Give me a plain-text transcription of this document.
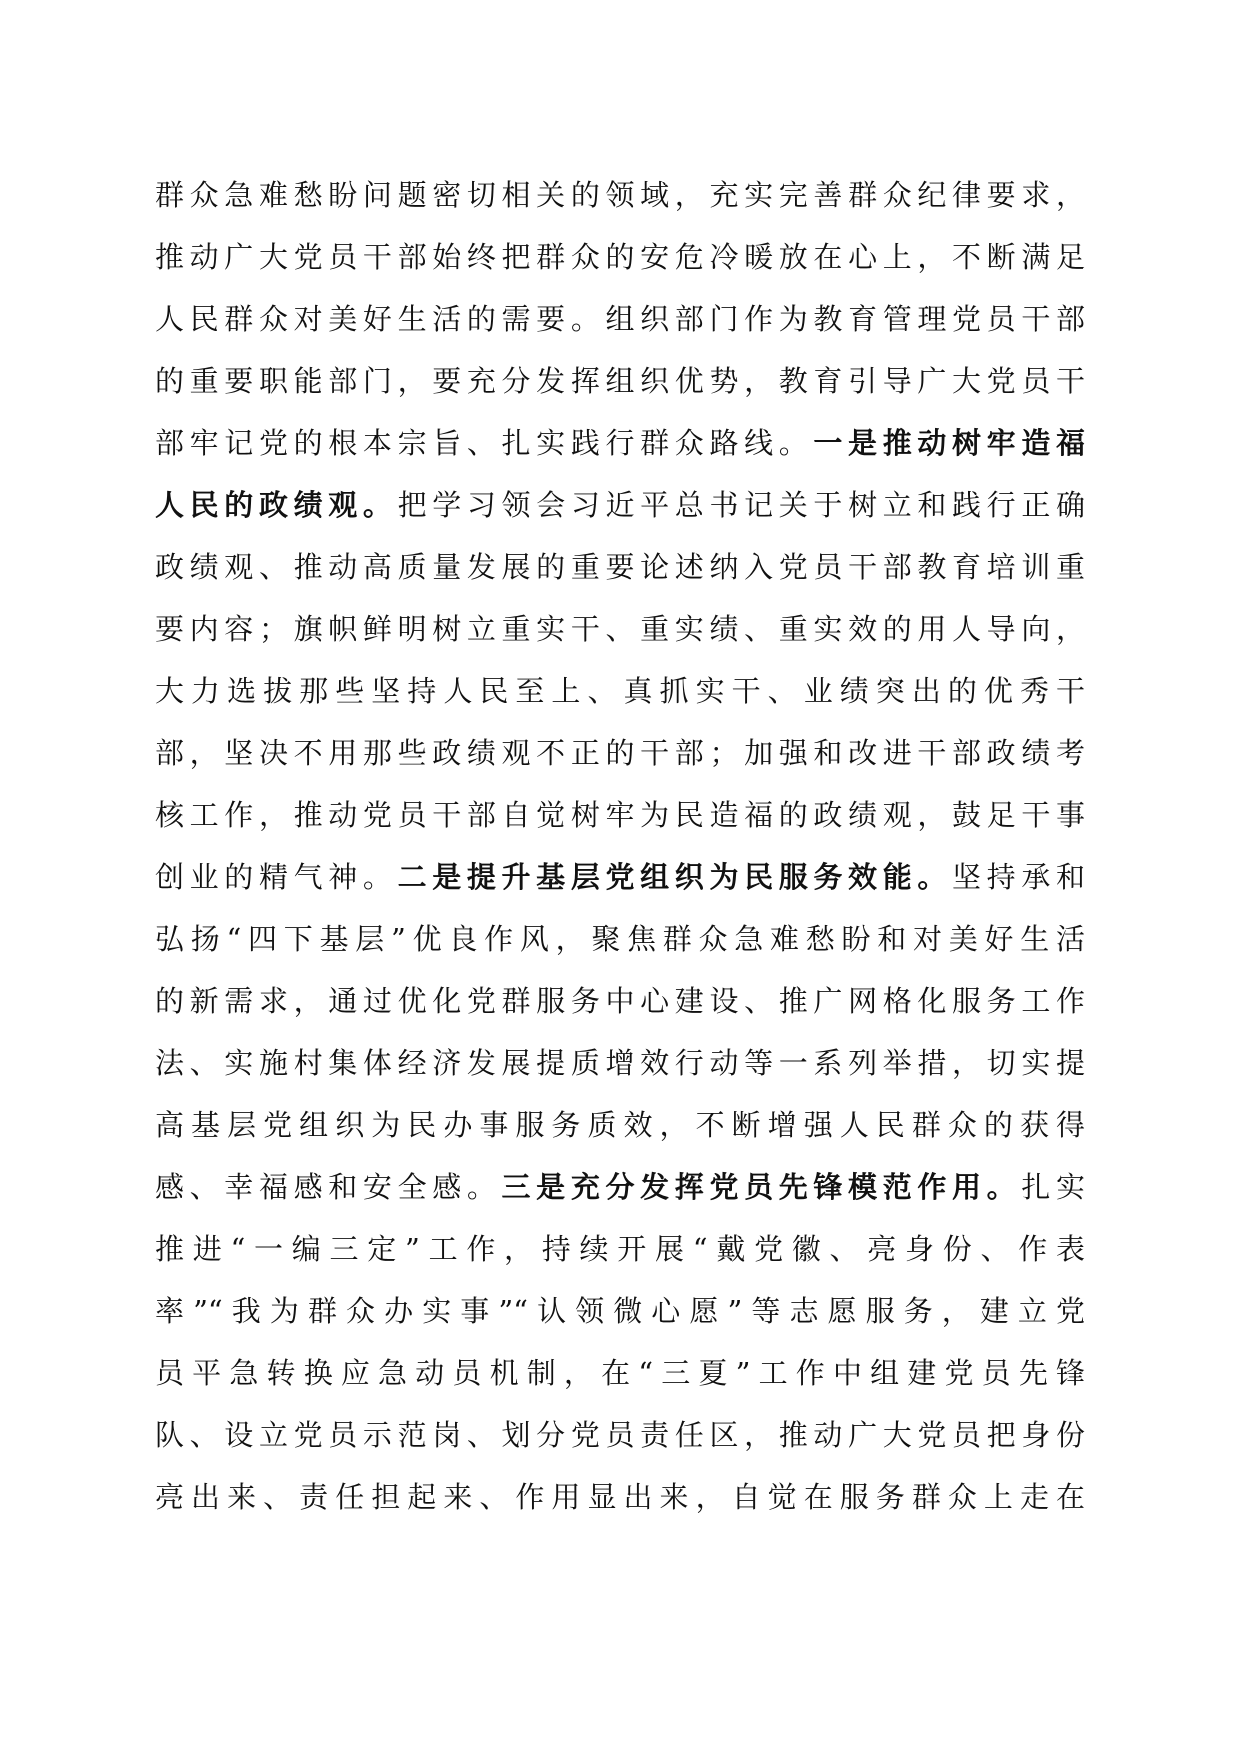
群众急难愁盼问题密切相关的领域，充实完善群众纪律要求，
推动广大党员干部始终把群众的安危冷暖放在心上，不断满足
人民群众对美好生活的需要。组织部门作为教育管理党员干部
的重要职能部门，要充分发挥组织优势，教育引导广大党员干
部牢记党的根本宗旨、扎实践行群众路线。一是推动树牢造福
人民的政绩观。把学习领会习近平总书记关于树立和践行正确
政绩观、推动高质量发展的重要论述纳入党员干部教育培训重
要内容；旗帜鲜明树立重实干、重实绩、重实效的用人导向，
大力选拔那些坚持人民至上、真抓实干、业绩突出的优秀干
部，坚决不用那些政绩观不正的干部；加强和改进干部政绩考
核工作，推动党员干部自觉树牢为民造福的政绩观，鼓足干事
创业的精气神。二是提升基层党组织为民服务效能。坚持承和
弘扬“四下基层”优良作风，聚焦群众急难愁盼和对美好生活
的新需求，通过优化党群服务中心建设、推广网格化服务工作
法、实施村集体经济发展提质增效行动等一系列举措，切实提
高基层党组织为民办事服务质效，不断增强人民群众的获得
感、幸福感和安全感。三是充分发挥党员先锋模范作用。扎实
推进“一编三定”工作，持续开展“戴党徽、亮身份、作表
率”“我为群众办实事”“认领微心愿”等志愿服务，建立党
员平急转换应急动员机制，在“三夏”工作中组建党员先锋
队、设立党员示范岗、划分党员责任区，推动广大党员把身份
亮出来、责任担起来、作用显出来，自觉在服务群众上走在
